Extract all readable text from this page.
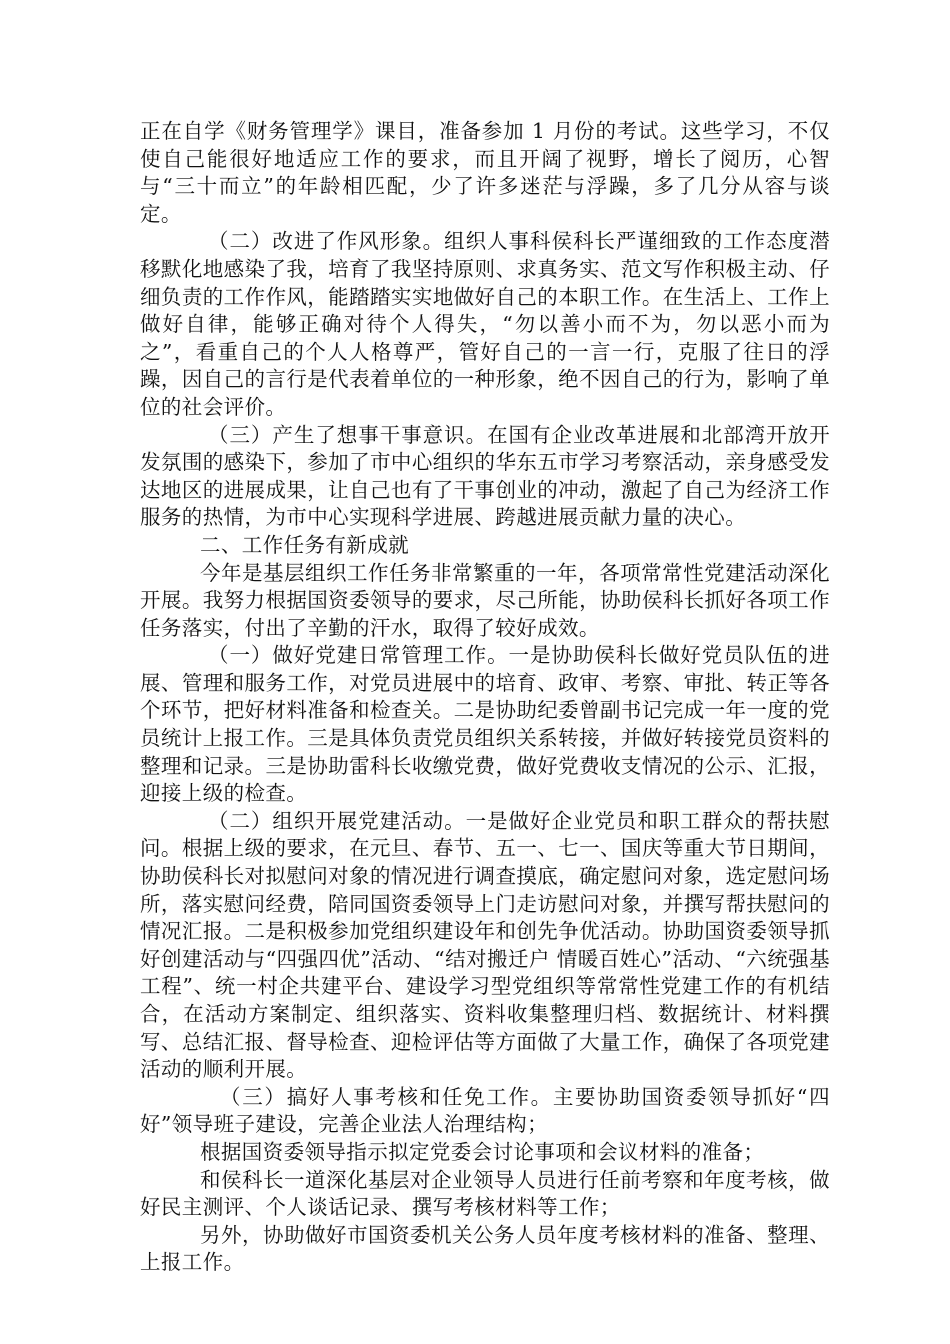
正在自学《财务管理学》课目，准备参加 1 月份的考试。这些学习，不仅使自己能很好地适应工作的要求，而且开阔了视野，增长了阅历，心智与“三十而立”的年龄相匹配，少了许多迷茫与浮躁，多了几分从容与谈定。

（二）改进了作风形象。组织人事科侯科长严谨细致的工作态度潜移默化地感染了我，培育了我坚持原则、求真务实、范文写作积极主动、仔细负责的工作作风，能踏踏实实地做好自己的本职工作。在生活上、工作上做好自律，能够正确对待个人得失，“勿以善小而不为，勿以恶小而为之”，看重自己的个人人格尊严，管好自己的一言一行，克服了往日的浮躁，因自己的言行是代表着单位的一种形象，绝不因自己的行为，影响了单位的社会评价。

（三）产生了想事干事意识。在国有企业改革进展和北部湾开放开发氛围的感染下，参加了市中心组织的华东五市学习考察活动，亲身感受发达地区的进展成果，让自己也有了干事创业的冲动，激起了自己为经济工作服务的热情，为市中心实现科学进展、跨越进展贡献力量的决心。

二、工作任务有新成就

今年是基层组织工作任务非常繁重的一年，各项常常性党建活动深化开展。我努力根据国资委领导的要求，尽己所能，协助侯科长抓好各项工作任务落实，付出了辛勤的汗水，取得了较好成效。

（一）做好党建日常管理工作。一是协助侯科长做好党员队伍的进展、管理和服务工作，对党员进展中的培育、政审、考察、审批、转正等各个环节，把好材料准备和检查关。二是协助纪委曾副书记完成一年一度的党员统计上报工作。三是具体负责党员组织关系转接，并做好转接党员资料的整理和记录。三是协助雷科长收缴党费，做好党费收支情况的公示、汇报，迎接上级的检查。

（二）组织开展党建活动。一是做好企业党员和职工群众的帮扶慰问。根据上级的要求，在元旦、春节、五一、七一、国庆等重大节日期间，协助侯科长对拟慰问对象的情况进行调查摸底，确定慰问对象，选定慰问场所，落实慰问经费，陪同国资委领导上门走访慰问对象，并撰写帮扶慰问的情况汇报。二是积极参加党组织建设年和创先争优活动。协助国资委领导抓好创建活动与“四强四优”活动、“结对搬迁户 情暖百姓心”活动、“六统强基工程”、统一村企共建平台、建设学习型党组织等常常性党建工作的有机结合，在活动方案制定、组织落实、资料收集整理归档、数据统计、材料撰写、总结汇报、督导检查、迎检评估等方面做了大量工作，确保了各项党建活动的顺利开展。

（三）搞好人事考核和任免工作。主要协助国资委领导抓好“四好”领导班子建设，完善企业法人治理结构；

根据国资委领导指示拟定党委会讨论事项和会议材料的准备；

和侯科长一道深化基层对企业领导人员进行任前考察和年度考核，做好民主测评、个人谈话记录、撰写考核材料等工作；

另外，协助做好市国资委机关公务人员年度考核材料的准备、整理、上报工作。
